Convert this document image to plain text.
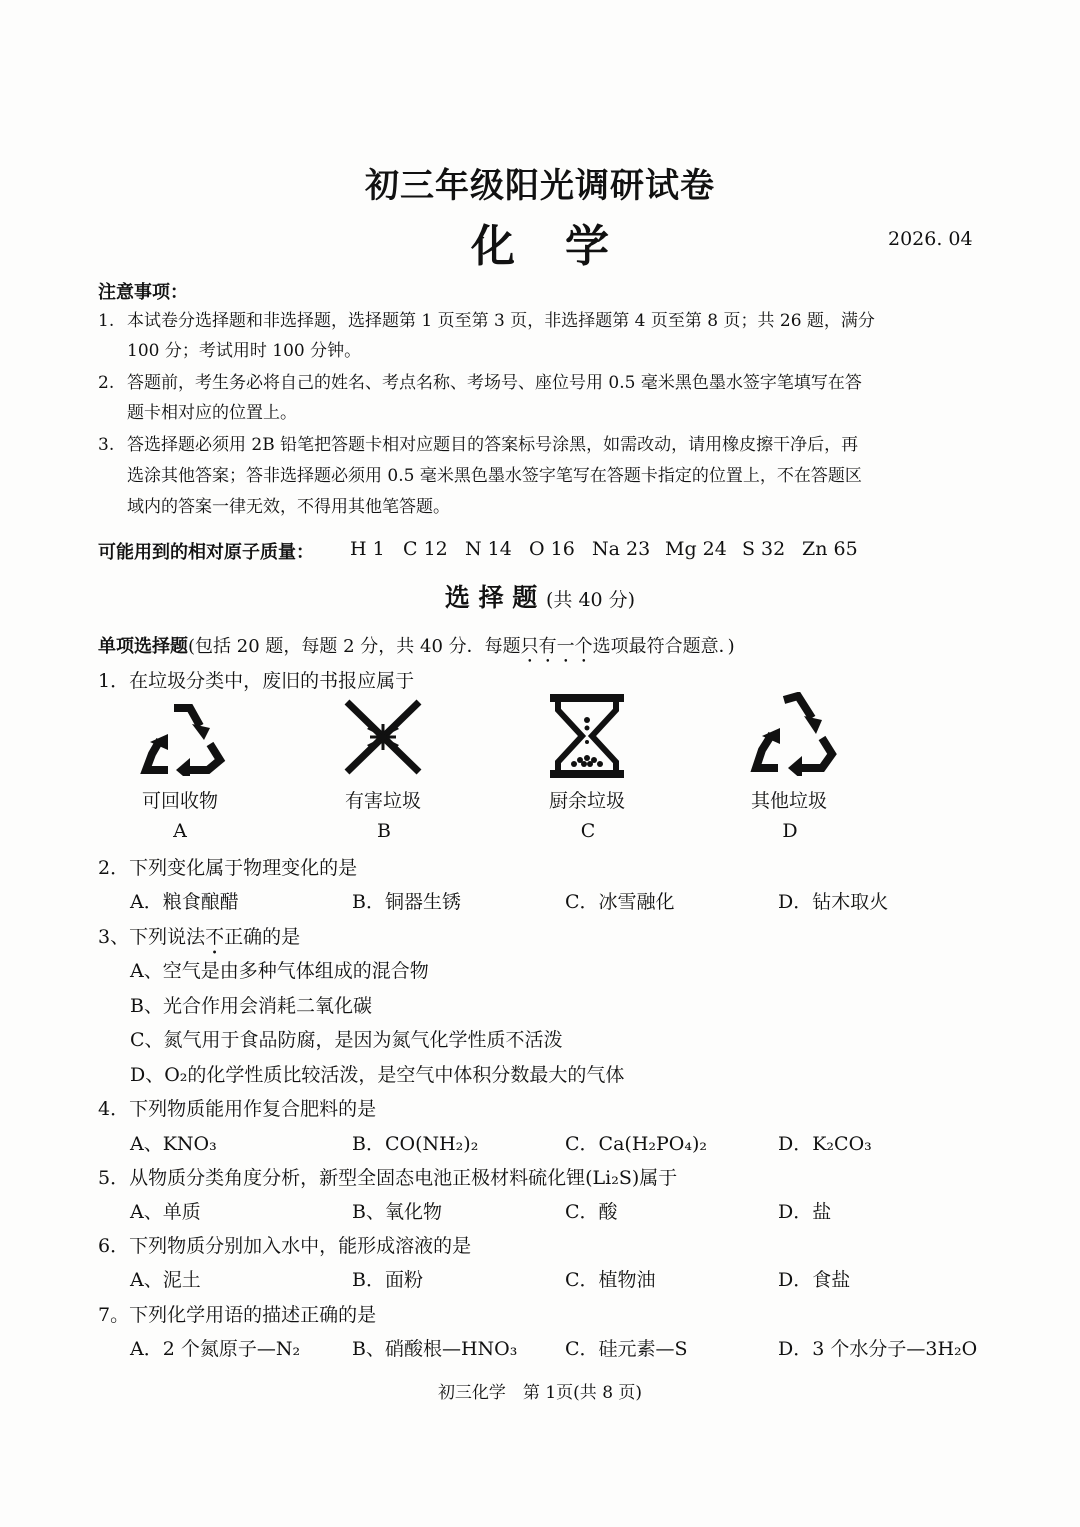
初三年级阳光调研试卷
化学	2026. 04
注意事项：
1. 本试卷分选择题和非选择题，选择题第 1 页至第 3 页，非选择题第 4 页至第 8 页；共 26 题，满分
100 分；考试用时 100 分钟。
2. 答题前，考生务必将自己的姓名、考点名称、考场号、座位号用 0.5 毫米黑色墨水签字笔填写在答
题卡相对应的位置上。
3. 答选择题必须用 2B 铅笔把答题卡相对应题目的答案标号涂黑，如需改动，请用橡皮擦干净后，再
选涂其他答案；答非选择题必须用 0.5 毫米黑色墨水签字笔写在答题卡指定的位置上，不在答题区
域内的答案一律无效，不得用其他笔答题。
可能用到的相对原子质量： H 1 C 12 N 14 O 16 Na 23 Mg 24 S 32 Zn 65
选 择 题 (共 40 分)
单项选择题(包括 20 题，每题 2 分，共 40 分．每题只有一个选项最符合题意．)
1．在垃圾分类中，废旧的书报应属于
可回收物	有害垃圾	厨余垃圾	其他垃圾
A	B	C	D
2．下列变化属于物理变化的是
A．粮食酿醋	B．铜器生锈	C．冰雪融化	D．钻木取火
3、下列说法不正确的是
A、空气是由多种气体组成的混合物
B、光合作用会消耗二氧化碳
C、氮气用于食品防腐，是因为氮气化学性质不活泼
D、O₂的化学性质比较活泼，是空气中体积分数最大的气体
4．下列物质能用作复合肥料的是
A、KNO₃	B．CO(NH₂)₂	C．Ca(H₂PO₄)₂	D．K₂CO₃
5．从物质分类角度分析，新型全固态电池正极材料硫化锂(Li₂S)属于
A、单质	B、氧化物	C．酸	D．盐
6．下列物质分别加入水中，能形成溶液的是
A、泥土	B．面粉	C．植物油	D．食盐
7。下列化学用语的描述正确的是
A．2 个氮原子—N₂	B、硝酸根—HNO₃	C．硅元素—S	D．3 个水分子—3H₂O
初三化学　第 1页(共 8 页)
